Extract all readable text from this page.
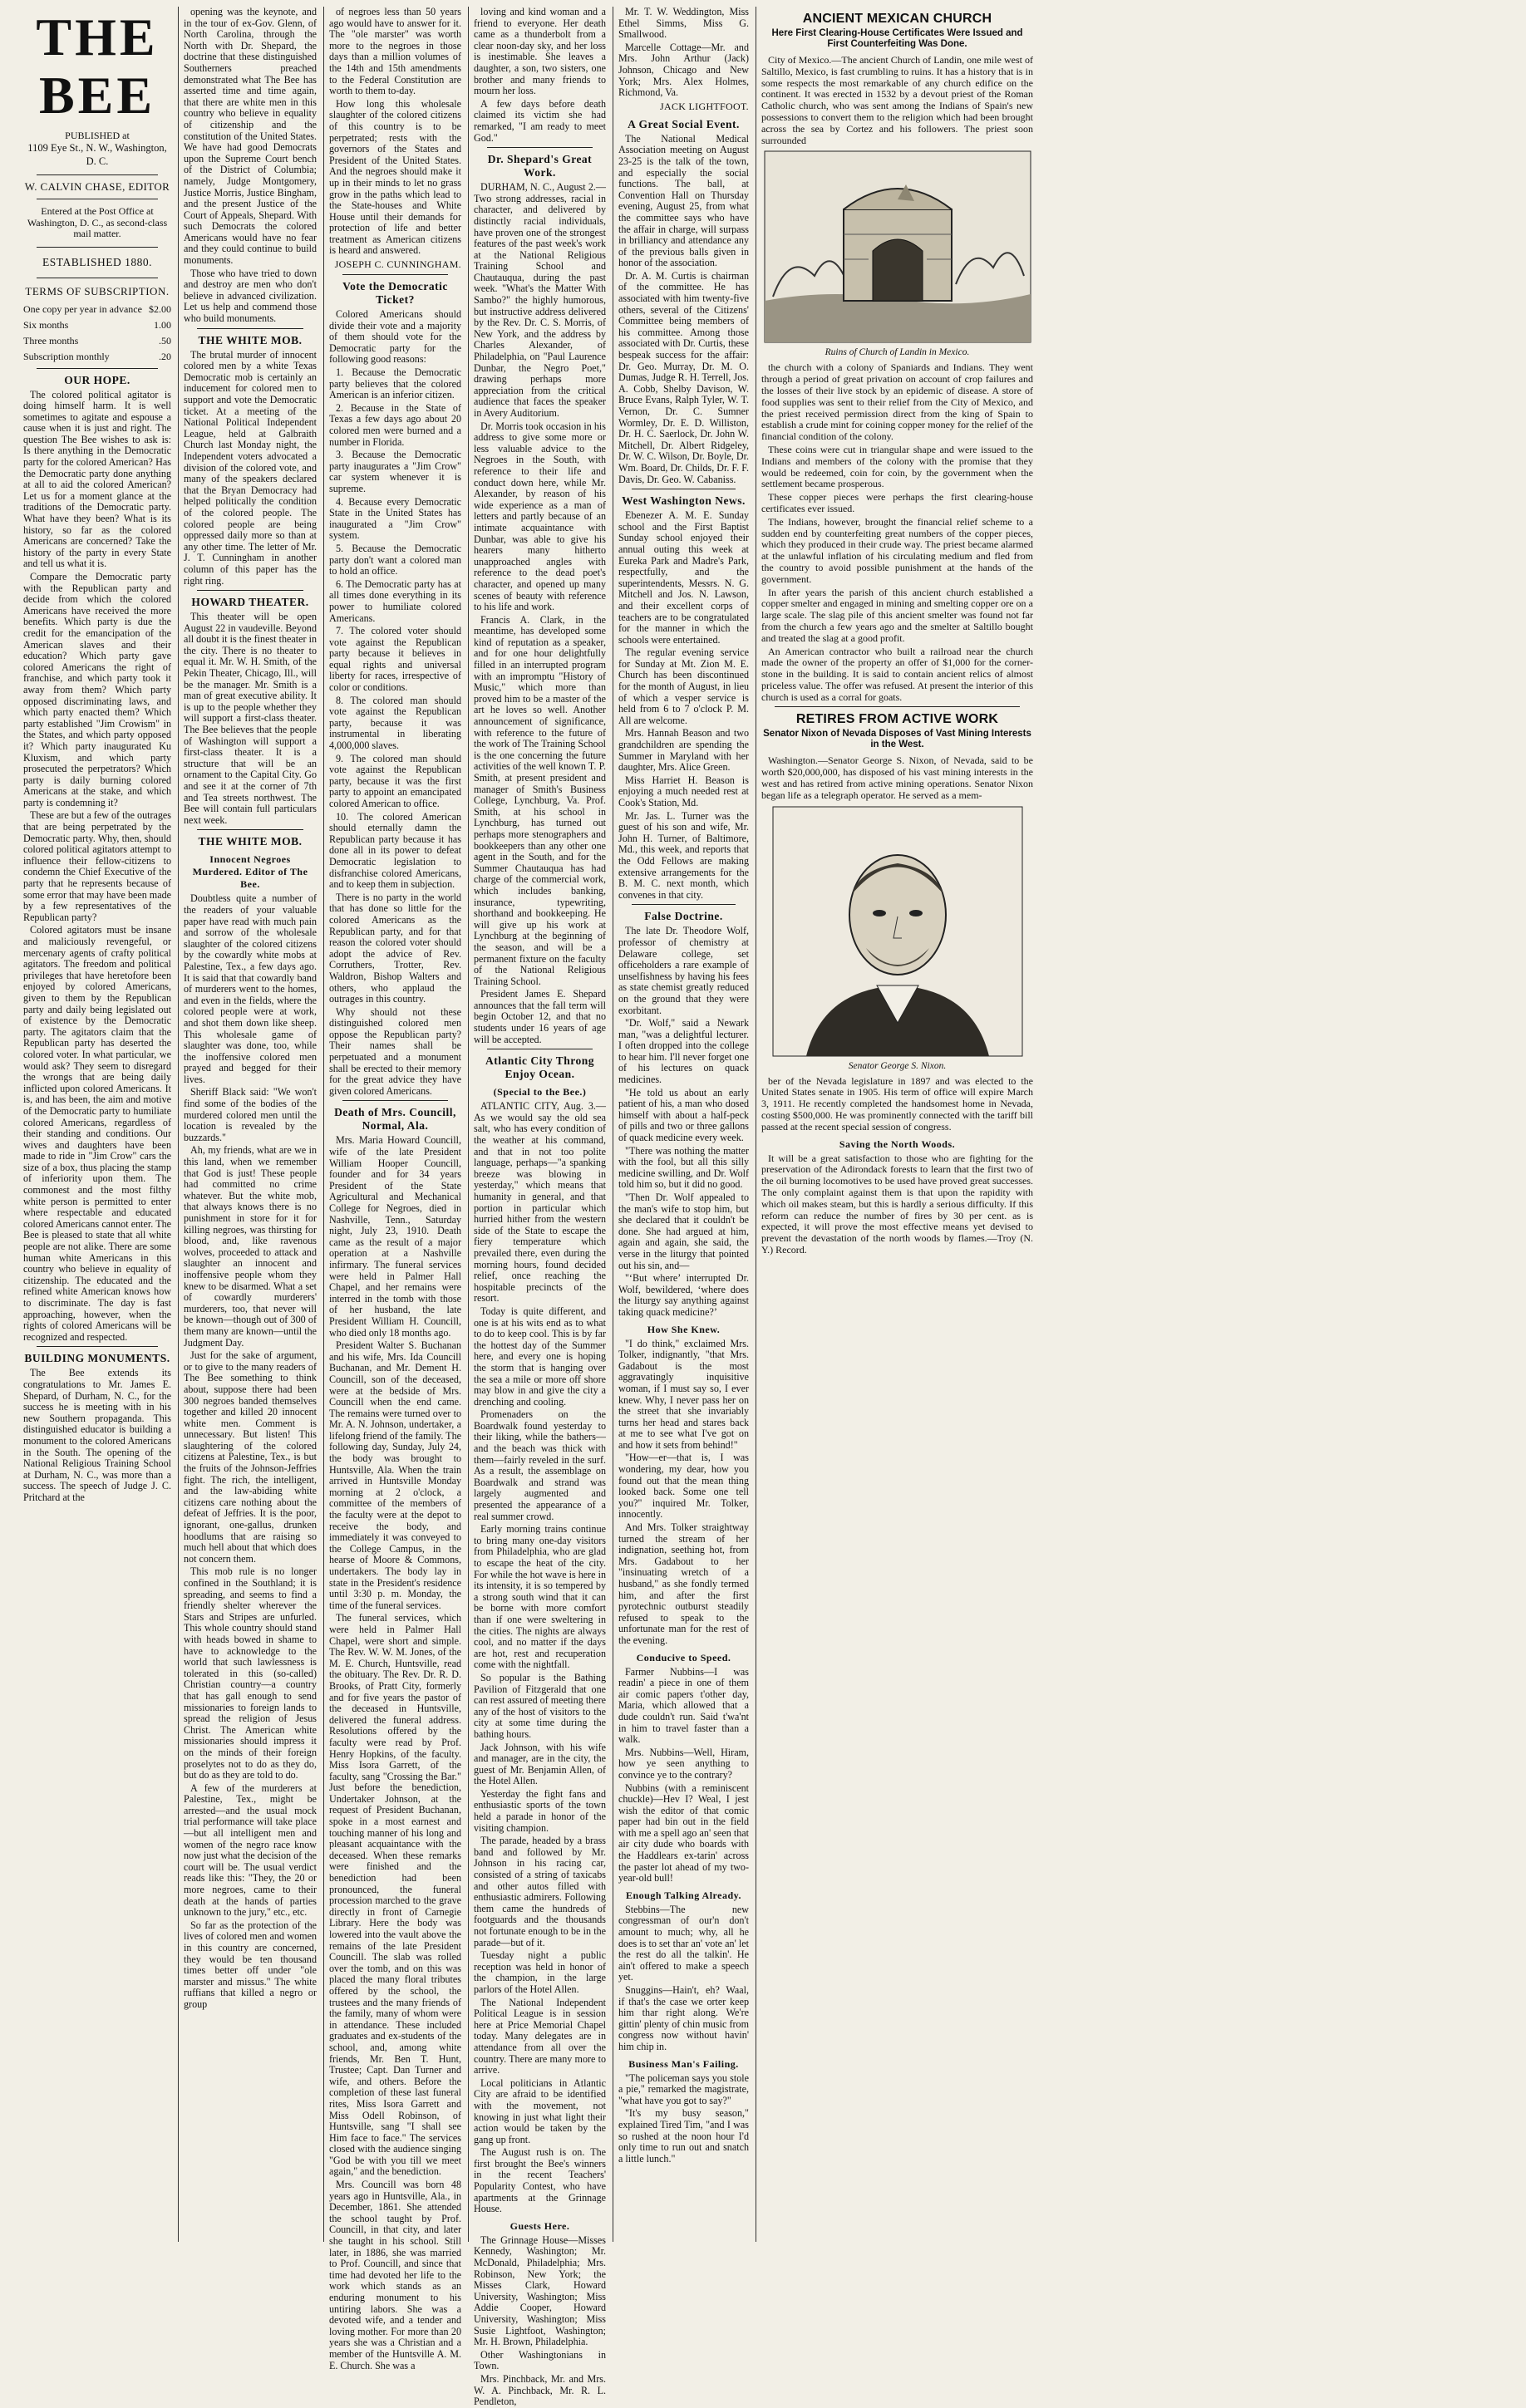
THE BEE
PUBLISHED at
1109 Eye St., N. W., Washington, D. C.
W. CALVIN CHASE, EDITOR
Entered at the Post Office at Washington, D. C., as second-class mail matter.
ESTABLISHED 1880.
TERMS OF SUBSCRIPTION.
One copy per year in advance	$2.00
Six months	1.00
Three months	.50
Subscription monthly	.20
OUR HOPE.

The colored political agitator is doing himself harm. It is well sometimes to agitate and espouse a cause when it is just and right. The question The Bee wishes to ask is: Is there anything in the Democratic party for the colored American? Has the Democratic party done anything at all to aid the colored American? Let us for a moment glance at the traditions of the Democratic party. What have they been? What is its history, so far as the colored Americans are concerned? Take the history of the party in every State and tell us what it is.

Compare the Democratic party with the Republican party and decide from which the colored Americans have received the more benefits. Which party is due the credit for the emancipation of the American slaves and their education? Which party gave colored Americans the right of franchise, and which party took it away from them? Which party opposed discriminating laws, and which party enacted them? Which party established "Jim Crowism" in the States, and which party opposed it? Which party inaugurated Ku Kluxism, and which party prosecuted the perpetrators? Which party is daily burning colored Americans at the stake, and which party is condemning it?

These are but a few of the outrages that are being perpetrated by the Democratic party. Why, then, should colored political agitators attempt to influence their fellow-citizens to condemn the Chief Executive of the party that he represents because of some error that may have been made by a few representatives of the Republican party?

Colored agitators must be insane and maliciously revengeful, or mercenary agents of crafty political agitators. The freedom and political privileges that have heretofore been enjoyed by colored Americans, given to them by the Republican party and daily being legislated out of existence by the Democratic party. The agitators claim that the Republican party has deserted the colored voter. In what particular, we would ask? They seem to disregard the wrongs that are being daily inflicted upon colored Americans. It is, and has been, the aim and motive of the Democratic party to humiliate colored Americans, regardless of their standing and conditions. Our wives and daughters have been made to ride in "Jim Crow" cars the size of a box, thus placing the stamp of inferiority upon them. The commonest and the most filthy white person is permitted to enter where respectable and educated colored Americans cannot enter. The Bee is pleased to state that all white people are not alike. There are some human white Americans in this country who believe in equality of citizenship. The educated and the refined white American knows how to discriminate. The day is fast approaching, however, when the rights of colored Americans will be recognized and respected.

BUILDING MONUMENTS.

The Bee extends its congratulations to Mr. James E. Shepard, of Durham, N. C., for the success he is meeting with in his new Southern propaganda. This distinguished educator is building a monument to the colored Americans in the South. The opening of the National Religious Training School at Durham, N. C., was more than a success. The speech of Judge J. C. Pritchard at the

opening was the keynote, and in the tour of ex-Gov. Glenn, of North Carolina, through the North with Dr. Shepard, the doctrine that these distinguished Southerners preached demonstrated what The Bee has asserted time and time again, that there are white men in this country who believe in equality of citizenship and the constitution of the United States. We have had good Democrats upon the Supreme Court bench of the District of Columbia; namely, Judge Montgomery, Justice Morris, Justice Bingham, and the present Justice of the Court of Appeals, Shepard. With such Democrats the colored Americans would have no fear and they could continue to build monuments.

Those who have tried to down and destroy are men who don't believe in advanced civilization. Let us help and commend those who build monuments.

THE WHITE MOB.

The brutal murder of innocent colored men by a white Texas Democratic mob is certainly an inducement for colored men to support and vote the Democratic ticket. At a meeting of the National Political Independent League, held at Galbraith Church last Monday night, the Independent voters advocated a division of the colored vote, and many of the speakers declared that the Bryan Democracy had helped politically the condition of the colored people. The colored people are being oppressed daily more so than at any other time. The letter of Mr. J. T. Cunningham in another column of this paper has the right ring.

HOWARD THEATER.

This theater will be open August 22 in vaudeville. Beyond all doubt it is the finest theater in the city. There is no theater to equal it. Mr. W. H. Smith, of the Pekin Theater, Chicago, Ill., will be the manager. Mr. Smith is a man of great executive ability. It is up to the people whether they will support a first-class theater. The Bee believes that the people of Washington will support a first-class theater. It is a structure that will be an ornament to the Capital City. Go and see it at the corner of 7th and Tea streets northwest. The Bee will contain full particulars next week.

THE WHITE MOB.
Innocent Negroes Murdered. Editor of The Bee.

Doubtless quite a number of the readers of your valuable paper have read with much pain and sorrow of the wholesale slaughter of the colored citizens by the cowardly white mobs at Palestine, Tex., a few days ago. It is said that that cowardly band of murderers went to the homes, and even in the fields, where the colored people were at work, and shot them down like sheep. This wholesale game of slaughter was done, too, while the inoffensive colored men prayed and begged for their lives.

Sheriff Black said: "We won't find some of the bodies of the murdered colored men until the location is revealed by the buzzards."

Ah, my friends, what are we in this land, when we remember that God is just! These people had committed no crime whatever. But the white mob, that always knows there is no punishment in store for it for killing negroes, was thirsting for blood, and, like ravenous wolves, proceeded to attack and slaughter an innocent and inoffensive people whom they knew to be disarmed. What a set of cowardly murderers' murderers, too, that never will be known—though out of 300 of them many are known—until the Judgment Day.

Just for the sake of argument, or to give to the many readers of The Bee something to think about, suppose there had been 300 negroes banded themselves together and killed 20 innocent white men. Comment is unnecessary. But listen! This slaughtering of the colored citizens at Palestine, Tex., is but the fruits of the Johnson-Jeffries fight. The rich, the intelligent, and the law-abiding white citizens care nothing about the defeat of Jeffries. It is the poor, ignorant, one-gallus, drunken hoodlums that are raising so much hell about that which does not concern them.

This mob rule is no longer confined in the Southland; it is spreading, and seems to find a friendly shelter wherever the Stars and Stripes are unfurled. This whole country should stand with heads bowed in shame to have to acknowledge to the world that such lawlessness is tolerated in this (so-called) Christian country—a country that has gall enough to send missionaries to foreign lands to spread the religion of Jesus Christ. The American white missionaries should impress it on the minds of their foreign proselytes not to do as they do, but do as they are told to do.

A few of the murderers at Palestine, Tex., might be arrested—and the usual mock trial performance will take place—but all intelligent men and women of the negro race know now just what the decision of the court will be. The usual verdict reads like this: "They, the 20 or more negroes, came to their death at the hands of parties unknown to the jury," etc., etc.

So far as the protection of the lives of colored men and women in this country are concerned, they would be ten thousand times better off under "ole marster and missus." The white ruffians that killed a negro or group

of negroes less than 50 years ago would have to answer for it. The "ole marster" was worth more to the negroes in those days than a million volumes of the 14th and 15th amendments to the Federal Constitution are worth to them to-day.

How long this wholesale slaughter of the colored citizens of this country is to be perpetrated; rests with the governors of the States and President of the United States. And the negroes should make it up in their minds to let no grass grow in the paths which lead to the State-houses and White House until their demands for protection of life and better treatment as American citizens is heard and answered.

JOSEPH C. CUNNINGHAM.
Vote the Democratic Ticket?

Colored Americans should divide their vote and a majority of them should vote for the Democratic party for the following good reasons:

1. Because the Democratic party believes that the colored American is an inferior citizen.

2. Because in the State of Texas a few days ago about 20 colored men were burned and a number in Florida.

3. Because the Democratic party inaugurates a "Jim Crow" car system whenever it is supreme.

4. Because every Democratic State in the United States has inaugurated a "Jim Crow" system.

5. Because the Democratic party don't want a colored man to hold an office.

6. The Democratic party has at all times done everything in its power to humiliate colored Americans.

7. The colored voter should vote against the Republican party because it believes in equal rights and universal liberty for races, irrespective of color or conditions.

8. The colored man should vote against the Republican party, because it was instrumental in liberating 4,000,000 slaves.

9. The colored man should vote against the Republican party, because it was the first party to appoint an emancipated colored American to office.

10. The colored American should eternally damn the Republican party because it has done all in its power to defeat Democratic legislation to disfranchise colored Americans, and to keep them in subjection.

There is no party in the world that has done so little for the colored Americans as the Republican party, and for that reason the colored voter should adopt the advice of Rev. Corruthers, Trotter, Rev. Waldron, Bishop Walters and others, who applaud the outrages in this country.

Why should not these distinguished colored men oppose the Republican party? Their names shall be perpetuated and a monument shall be erected to their memory for the great advice they have given colored Americans.

Death of Mrs. Councill, Normal, Ala.

Mrs. Maria Howard Councill, wife of the late President William Hooper Councill, founder and for 34 years President of the State Agricultural and Mechanical College for Negroes, died in Nashville, Tenn., Saturday night, July 23, 1910. Death came as the result of a major operation at a Nashville infirmary. The funeral services were held in Palmer Hall Chapel, and her remains were interred in the tomb with those of her husband, the late President William H. Councill, who died only 18 months ago.

President Walter S. Buchanan and his wife, Mrs. Ida Councill Buchanan, and Mr. Dement H. Councill, son of the deceased, were at the bedside of Mrs. Councill when the end came. The remains were turned over to Mr. A. N. Johnson, undertaker, a lifelong friend of the family. The following day, Sunday, July 24, the body was brought to Huntsville, Ala. When the train arrived in Huntsville Monday morning at 2 o'clock, a committee of the members of the faculty were at the depot to receive the body, and immediately it was conveyed to the College Campus, in the hearse of Moore & Commons, undertakers. The body lay in state in the President's residence until 3:30 p. m. Monday, the time of the funeral services.

The funeral services, which were held in Palmer Hall Chapel, were short and simple. The Rev. W. W. M. Jones, of the M. E. Church, Huntsville, read the obituary. The Rev. Dr. R. D. Brooks, of Pratt City, formerly and for five years the pastor of the deceased in Huntsville, delivered the funeral address. Resolutions offered by the faculty were read by Prof. Henry Hopkins, of the faculty. Miss Isora Garrett, of the faculty, sang "Crossing the Bar." Just before the benediction, Undertaker Johnson, at the request of President Buchanan, spoke in a most earnest and touching manner of his long and pleasant acquaintance with the deceased. When these remarks were finished and the benediction had been pronounced, the funeral procession marched to the grave directly in front of Carnegie Library. Here the body was lowered into the vault above the remains of the late President Councill. The slab was rolled over the tomb, and on this was placed the many floral tributes offered by the school, the trustees and the many friends of the family, many of whom were in attendance. These included graduates and ex-students of the school, and, among white friends, Mr. Ben T. Hunt, Trustee; Capt. Dan Turner and wife, and others. Before the completion of these last funeral rites, Miss Isora Garrett and Miss Odell Robinson, of Huntsville, sang "I shall see Him face to face." The services closed with the audience singing "God be with you till we meet again," and the benediction.

Mrs. Councill was born 48 years ago in Huntsville, Ala., in December, 1861. She attended the school taught by Prof. Councill, in that city, and later she taught in his school. Still later, in 1886, she was married to Prof. Councill, and since that time had devoted her life to the work which stands as an enduring monument to his untiring labors. She was a devoted wife, and a tender and loving mother. For more than 20 years she was a Christian and a member of the Huntsville A. M. E. Church. She was a

loving and kind woman and a friend to everyone. Her death came as a thunderbolt from a clear noon-day sky, and her loss is inestimable. She leaves a daughter, a son, two sisters, one brother and many friends to mourn her loss.

A few days before death claimed its victim she had remarked, "I am ready to meet God."

Dr. Shepard's Great Work.

DURHAM, N. C., August 2.—Two strong addresses, racial in character, and delivered by distinctly racial individuals, have proven one of the strongest features of the past week's work at the National Religious Training School and Chautauqua, during the past week. "What's the Matter With Sambo?" the highly humorous, but instructive address delivered by the Rev. Dr. C. S. Morris, of New York, and the address by Charles Alexander, of Philadelphia, on "Paul Laurence Dunbar, the Negro Poet," drawing perhaps more appreciation from the critical audience that faces the speaker in Avery Auditorium.

Dr. Morris took occasion in his address to give some more or less valuable advice to the Negroes in the South, with reference to their life and conduct down here, while Mr. Alexander, by reason of his wide experience as a man of letters and partly because of an intimate acquaintance with Dunbar, was able to give his hearers many hitherto unapproached angles with reference to the dead poet's character, and opened up many scenes of beauty with reference to his life and work.

Francis A. Clark, in the meantime, has developed some kind of reputation as a speaker, and for one hour delightfully filled in an interrupted program with an impromptu "History of Music," which more than proved him to be a master of the art he loves so well. Another announcement of significance, with reference to the future of the work of The Training School is the one concerning the future activities of the well known T. P. Smith, at present president and manager of Smith's Business College, Lynchburg, Va. Prof. Smith, at his school in Lynchburg, has turned out perhaps more stenographers and bookkeepers than any other one agent in the South, and for the Summer Chautauqua has had charge of the commercial work, which includes banking, insurance, typewriting, shorthand and bookkeeping. He will give up his work at Lynchburg at the beginning of the season, and will be a permanent fixture on the faculty of the National Religious Training School.

President James E. Shepard announces that the fall term will begin October 12, and that no students under 16 years of age will be accepted.

Atlantic City Throng Enjoy Ocean.
(Special to the Bee.)

ATLANTIC CITY, Aug. 3.—As we would say the old sea salt, who has every condition of the weather at his command, and that in not too polite language, perhaps—"a spanking breeze was blowing in yesterday," which means that humanity in general, and that portion in particular which hurried hither from the western side of the State to escape the fiery temperature which prevailed there, even during the morning hours, found decided relief, once reaching the hospitable precincts of the resort.

Today is quite different, and one is at his wits end as to what to do to keep cool. This is by far the hottest day of the Summer here, and every one is hoping the storm that is hanging over the sea a mile or more off shore may blow in and give the city a drenching and cooling.

Promenaders on the Boardwalk found yesterday to their liking, while the bathers—and the beach was thick with them—fairly reveled in the surf. As a result, the assemblage on Boardwalk and strand was largely augmented and presented the appearance of a real summer crowd.

Early morning trains continue to bring many one-day visitors from Philadelphia, who are glad to escape the heat of the city. For while the hot wave is here in its intensity, it is so tempered by a strong south wind that it can be borne with more comfort than if one were sweltering in the cities. The nights are always cool, and no matter if the days are hot, rest and recuperation come with the nightfall.

So popular is the Bathing Pavilion of Fitzgerald that one can rest assured of meeting there any of the host of visitors to the city at some time during the bathing hours.

Jack Johnson, with his wife and manager, are in the city, the guest of Mr. Benjamin Allen, of the Hotel Allen.

Yesterday the fight fans and enthusiastic sports of the town held a parade in honor of the visiting champion.

The parade, headed by a brass band and followed by Mr. Johnson in his racing car, consisted of a string of taxicabs and other autos filled with enthusiastic admirers. Following them came the hundreds of footguards and the thousands not fortunate enough to be in the parade—but of it.

Tuesday night a public reception was held in honor of the champion, in the large parlors of the Hotel Allen.

The National Independent Political League is in session here at Price Memorial Chapel today. Many delegates are in attendance from all over the country. There are many more to arrive.

Local politicians in Atlantic City are afraid to be identified with the movement, not knowing in just what light their action would be taken by the gang up front.

The August rush is on. The first brought the Bee's winners in the recent Teachers' Popularity Contest, who have apartments at the Grinnage House.

Guests Here.

The Grinnage House—Misses Kennedy, Washington; Mr. McDonald, Philadelphia; Mrs. Robinson, New York; the Misses Clark, Howard University, Washington; Miss Addie Cooper, Howard University, Washington; Miss Susie Lightfoot, Washington; Mr. H. Brown, Philadelphia.

Other Washingtonians in Town.

Mrs. Pinchback, Mr. and Mrs. W. A. Pinchback, Mr. R. L. Pendleton,

Mr. T. W. Weddington, Miss Ethel Simms, Miss G. Smallwood.

Marcelle Cottage—Mr. and Mrs. John Arthur (Jack) Johnson, Chicago and New York; Mrs. Alex Holmes, Richmond, Va.

JACK LIGHTFOOT.
A Great Social Event.

The National Medical Association meeting on August 23-25 is the talk of the town, and especially the social functions. The ball, at Convention Hall on Thursday evening, August 25, from what the committee says who have the affair in charge, will surpass in brilliancy and attendance any of the previous balls given in honor of the association.

Dr. A. M. Curtis is chairman of the committee. He has associated with him twenty-five others, several of the Citizens' Committee being members of his committee. Among those associated with Dr. Curtis, these bespeak success for the affair: Dr. Geo. Murray, Dr. M. O. Dumas, Judge R. H. Terrell, Jos. A. Cobb, Shelby Davison, W. Bruce Evans, Ralph Tyler, W. T. Vernon, Dr. C. Sumner Wormley, Dr. E. D. Williston, Dr. H. C. Saerlock, Dr. John W. Mitchell, Dr. Albert Ridgeley, Dr. W. C. Wilson, Dr. Boyle, Dr. Wm. Board, Dr. Childs, Dr. F. F. Davis, Dr. Geo. W. Cabaniss.

West Washington News.

Ebenezer A. M. E. Sunday school and the First Baptist Sunday school enjoyed their annual outing this week at Eureka Park and Madre's Park, respectfully, and the superintendents, Messrs. N. G. Mitchell and Jos. N. Lawson, and their excellent corps of teachers are to be congratulated for the manner in which the schools were entertained.

The regular evening service for Sunday at Mt. Zion M. E. Church has been discontinued for the month of August, in lieu of which a vesper service is held from 6 to 7 o'clock P. M. All are welcome.

Mrs. Hannah Beason and two grandchildren are spending the Summer in Maryland with her daughter, Mrs. Alice Green.

Miss Harriet H. Beason is enjoying a much needed rest at Cook's Station, Md.

Mr. Jas. L. Turner was the guest of his son and wife, Mr. John H. Turner, of Baltimore, Md., this week, and reports that the Odd Fellows are making extensive arrangements for the B. M. C. next month, which convenes in that city.

False Doctrine.

The late Dr. Theodore Wolf, professor of chemistry at Delaware college, set officeholders a rare example of unselfishness by having his fees as state chemist greatly reduced on the ground that they were exorbitant.

"Dr. Wolf," said a Newark man, "was a delightful lecturer. I often dropped into the college to hear him. I'll never forget one of his lectures on quack medicines.

"He told us about an early patient of his, a man who dosed himself with about a half-peck of pills and two or three gallons of quack medicine every week.

"There was nothing the matter with the fool, but all this silly medicine swilling, and Dr. Wolf told him so, but it did no good.

"Then Dr. Wolf appealed to the man's wife to stop him, but she declared that it couldn't be done. She had argued at him, again and again, she said, the verse in the liturgy that pointed out his sin, and—

"‘But where’ interrupted Dr. Wolf, bewildered, ‘where does the liturgy say anything against taking quack medicine?’

How She Knew.

"I do think," exclaimed Mrs. Tolker, indignantly, "that Mrs. Gadabout is the most aggravatingly inquisitive woman, if I must say so, I ever knew. Why, I never pass her on the street that she invariably turns her head and stares back at me to see what I've got on and how it sets from behind!"

"How—er—that is, I was wondering, my dear, how you found out that the mean thing looked back. Some one tell you?" inquired Mr. Tolker, innocently.

And Mrs. Tolker straightway turned the stream of her indignation, seething hot, from Mrs. Gadabout to her "insinuating wretch of a husband," as she fondly termed him, and after the first pyrotechnic outburst steadily refused to speak to the unfortunate man for the rest of the evening.

Conducive to Speed.

Farmer Nubbins—I was readin' a piece in one of them air comic papers t'other day, Maria, which allowed that a dude couldn't run. Said t'wa'nt in him to travel faster than a walk.

Mrs. Nubbins—Well, Hiram, how ye seen anything to convince ye to the contrary?

Nubbins (with a reminiscent chuckle)—Hev I? Weal, I jest wish the editor of that comic paper had bin out in the field with me a spell ago an' seen that air city dude who boards with the Haddlears ex-tarin' across the paster lot ahead of my two-year-old bull!

Enough Talking Already.

Stebbins—The new congressman of our'n don't amount to much; why, all he does is to set thar an' vote an' let the rest do all the talkin'. He ain't offered to make a speech yet.

Snuggins—Hain't, eh? Waal, if that's the case we orter keep him thar right along. We're gittin' plenty of chin music from congress now without havin' him chip in.

Business Man's Failing.

"The policeman says you stole a pie," remarked the magistrate, "what have you got to say?"

"It's my busy season," explained Tired Tim, "and I was so rushed at the noon hour I'd only time to run out and snatch a little lunch."

ANCIENT MEXICAN CHURCH
Here First Clearing-House Certificates Were Issued and First Counterfeiting Was Done.

City of Mexico.—The ancient Church of Landin, one mile west of Saltillo, Mexico, is fast crumbling to ruins. It has a history that is in some respects the most remarkable of any church edifice on the continent. It was erected in 1532 by a devout priest of the Roman Catholic church, who was sent among the Indians of Spain's new possessions to convert them to the religion which had been brought across the sea by Cortez and his followers. The priest soon surrounded

Ruins of Church of Landin in Mexico.

the church with a colony of Spaniards and Indians. They went through a period of great privation on account of crop failures and the losses of their live stock by an epidemic of disease. A store of food supplies was sent to their relief from the City of Mexico, and the priest received permission direct from the king of Spain to establish a crude mint for coining copper money for the relief of the financial condition of the colony.

These coins were cut in triangular shape and were issued to the Indians and members of the colony with the promise that they would be redeemed, coin for coin, by the government when the settlement became prosperous.

These copper pieces were perhaps the first clearing-house certificates ever issued.

The Indians, however, brought the financial relief scheme to a sudden end by counterfeiting great numbers of the copper pieces, which they produced in their crude way. The priest became alarmed at the unlawful inflation of his circulating medium and fled from the country to avoid possible punishment at the hands of the government.

In after years the parish of this ancient church established a copper smelter and engaged in mining and smelting copper ore on a large scale. The slag pile of this ancient smelter was found not far from the church a few years ago and the smelter at Saltillo bought and treated the slag at a good profit.

An American contractor who built a railroad near the church made the owner of the property an offer of $1,000 for the corner-stone in the building. It is said to contain ancient relics of almost priceless value. The offer was refused. At present the interior of this church is used as a corral for goats.

RETIRES FROM ACTIVE WORK
Senator Nixon of Nevada Disposes of Vast Mining Interests in the West.

Washington.—Senator George S. Nixon, of Nevada, said to be worth $20,000,000, has disposed of his vast mining interests in the west and has retired from active mining operations. Senator Nixon began life as a telegraph operator. He served as a mem-

Senator George S. Nixon.

ber of the Nevada legislature in 1897 and was elected to the United States senate in 1905. His term of office will expire March 3, 1911. He recently completed the handsomest home in Nevada, costing $500,000. He was prominently connected with the tariff bill passed at the recent special session of congress.

Saving the North Woods.

It will be a great satisfaction to those who are fighting for the preservation of the Adirondack forests to learn that the first two of the oil burning locomotives to be used have proved great successes. The only complaint against them is that upon the rapidity with which oil makes steam, but this is hardly a serious difficulty. If this reform can reduce the number of fires by 30 per cent. as is expected, it will prove the most effective means yet devised to prevent the devastation of the north woods by flames.—Troy (N. Y.) Record.
